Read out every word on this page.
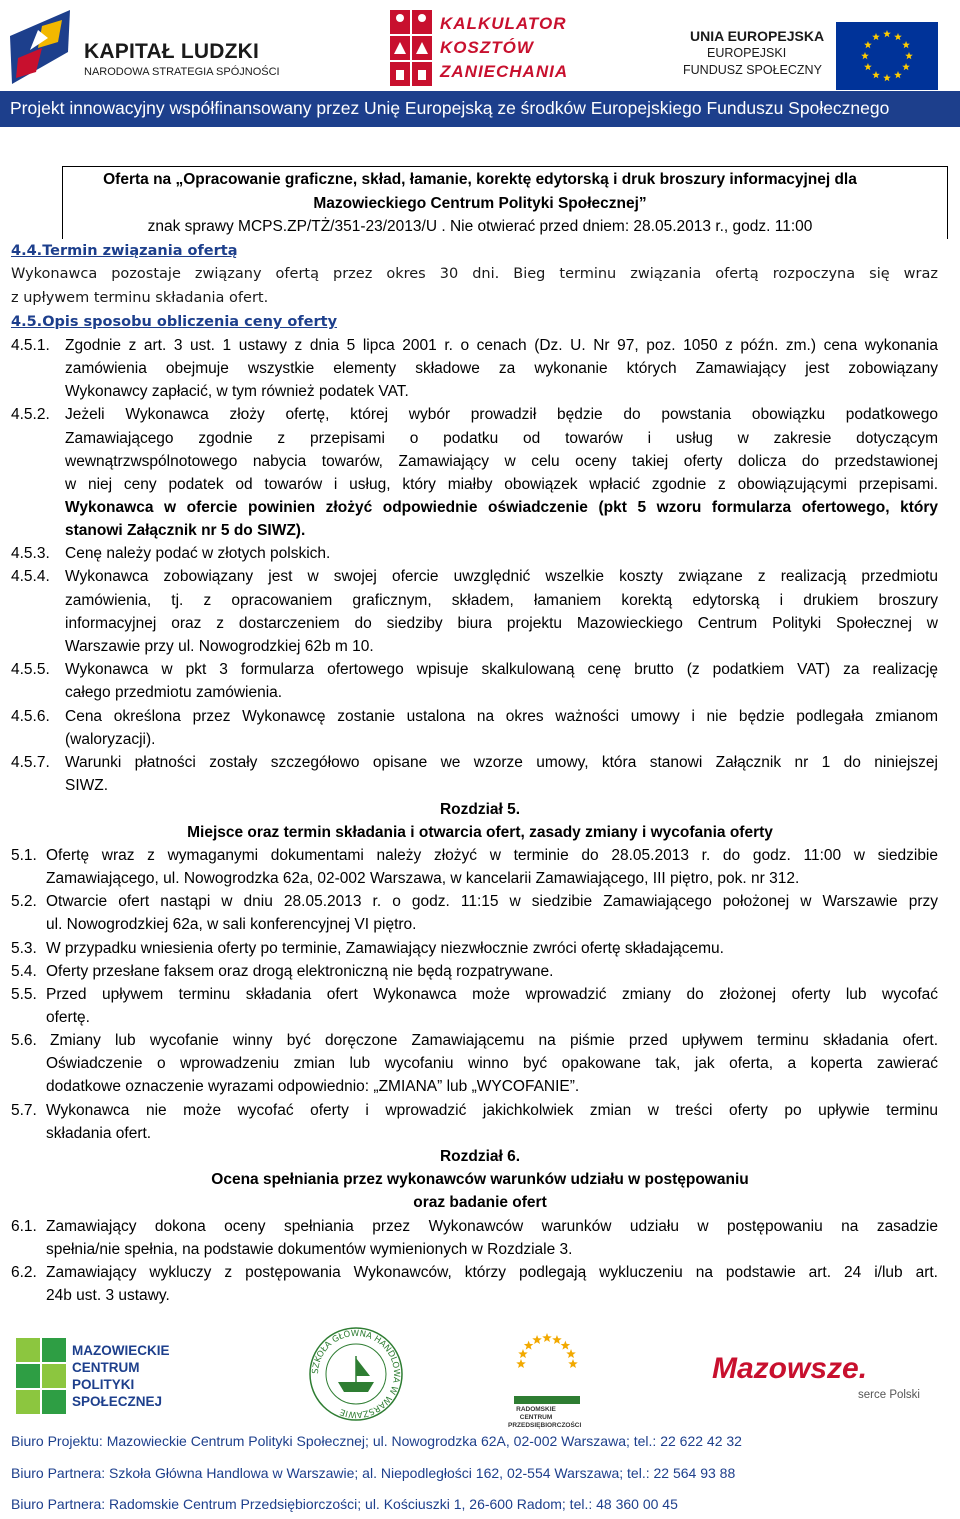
KAPITAŁ LUDZKI
NARODOWA STRATEGIA SPÓJNOŚCI
KALKULATOR
KOSZTÓW
ZANIECHANIA
UNIA EUROPEJSKA
EUROPEJSKI
FUNDUSZ SPOŁECZNY
Projekt innowacyjny współfinansowany przez Unię Europejską ze środków Europejskiego Funduszu Społecznego
Oferta na „Opracowanie graficzne, skład, łamanie, korektę edytorską i druk broszury informacyjnej dla
Mazowieckiego Centrum Polityki Społecznej”
znak sprawy MCPS.ZP/TŻ/351-23/2013/U . Nie otwierać przed dniem: 28.05.2013 r., godz. 11:00
4.4.Termin związania ofertą
Wykonawca pozostaje związany ofertą przez okres 30 dni. Bieg terminu związania ofertą rozpoczyna się wraz
z upływem terminu składania ofert.
4.5.Opis sposobu obliczenia ceny oferty
4.5.1. Zgodnie z art. 3 ust. 1 ustawy z dnia 5 lipca 2001 r. o cenach (Dz. U. Nr 97, poz. 1050 z późn. zm.) cena wykonania
zamówienia obejmuje wszystkie elementy składowe za wykonanie których Zamawiający jest zobowiązany
Wykonawcy zapłacić, w tym również podatek VAT.
4.5.2. Jeżeli Wykonawca złoży ofertę, której wybór prowadził będzie do powstania obowiązku podatkowego
Zamawiającego zgodnie z przepisami o podatku od towarów i usług w zakresie dotyczącym
wewnątrzwspólnotowego nabycia towarów, Zamawiający w celu oceny takiej oferty dolicza do przedstawionej
w niej ceny podatek od towarów i usług, który miałby obowiązek wpłacić zgodnie z obowiązującymi przepisami.
Wykonawca w ofercie powinien złożyć odpowiednie oświadczenie (pkt 5 wzoru formularza ofertowego, który
stanowi Załącznik nr 5 do SIWZ).
4.5.3. Cenę należy podać w złotych polskich.
4.5.4. Wykonawca zobowiązany jest w swojej ofercie uwzględnić wszelkie koszty związane z realizacją przedmiotu
zamówienia, tj. z opracowaniem graficznym, składem, łamaniem korektą edytorską i drukiem broszury
informacyjnej oraz z dostarczeniem do siedziby biura projektu Mazowieckiego Centrum Polityki Społecznej w
Warszawie przy ul. Nowogrodzkiej 62b m 10.
4.5.5. Wykonawca w pkt 3 formularza ofertowego wpisuje skalkulowaną cenę brutto (z podatkiem VAT) za realizację
całego przedmiotu zamówienia.
4.5.6. Cena określona przez Wykonawcę zostanie ustalona na okres ważności umowy i nie będzie podlegała zmianom
(waloryzacji).
4.5.7. Warunki płatności zostały szczegółowo opisane we wzorze umowy, która stanowi Załącznik nr 1 do niniejszej
SIWZ.
Rozdział 5.
Miejsce oraz termin składania i otwarcia ofert, zasady zmiany i wycofania oferty
5.1. Ofertę wraz z wymaganymi dokumentami należy złożyć w terminie do 28.05.2013 r. do godz. 11:00 w siedzibie
Zamawiającego, ul. Nowogrodzka 62a, 02-002 Warszawa, w kancelarii Zamawiającego, III piętro, pok. nr 312.
5.2. Otwarcie ofert nastąpi w dniu 28.05.2013 r. o godz. 11:15 w siedzibie Zamawiającego położonej w Warszawie przy
ul. Nowogrodzkiej 62a, w sali konferencyjnej VI piętro.
5.3. W przypadku wniesienia oferty po terminie, Zamawiający niezwłocznie zwróci ofertę składającemu.
5.4. Oferty przesłane faksem oraz drogą elektroniczną nie będą rozpatrywane.
5.5. Przed upływem terminu składania ofert Wykonawca może wprowadzić zmiany do złożonej oferty lub wycofać
ofertę.
5.6. Zmiany lub wycofanie winny być doręczone Zamawiającemu na piśmie przed upływem terminu składania ofert.
Oświadczenie o wprowadzeniu zmian lub wycofaniu winno być opakowane tak, jak oferta, a koperta zawierać
dodatkowe oznaczenie wyrazami odpowiednio: „ZMIANA” lub „WYCOFANIE”.
5.7. Wykonawca nie może wycofać oferty i wprowadzić jakichkolwiek zmian w treści oferty po upływie terminu
składania ofert.
Rozdział 6.
Ocena spełniania przez wykonawców warunków udziału w postępowaniu
oraz badanie ofert
6.1. Zamawiający dokona oceny spełniania przez Wykonawców warunków udziału w postępowaniu na zasadzie
spełnia/nie spełnia, na podstawie dokumentów wymienionych w Rozdziale 3.
6.2. Zamawiający wykluczy z postępowania Wykonawców, którzy podlegają wykluczeniu na podstawie art. 24 i/lub art.
24b ust. 3 ustawy.
MAZOWIECKIE
CENTRUM
POLITYKI
SPOŁECZNEJ
SZKOŁA GŁÓWNA HANDLOWA W WARSZAWIE	RADOMSKIE CENTRUM PRZEDSIĘBIORCZOŚCI
Mazowsze.
serce Polski
Biuro Projektu: Mazowieckie Centrum Polityki Społecznej; ul. Nowogrodzka 62A, 02-002 Warszawa; tel.: 22 622 42 32
Biuro Partnera: Szkoła Główna Handlowa w Warszawie; al. Niepodległości 162, 02-554 Warszawa; tel.: 22 564 93 88
Biuro Partnera: Radomskie Centrum Przedsiębiorczości; ul. Kościuszki 1, 26-600 Radom; tel.: 48 360 00 45
